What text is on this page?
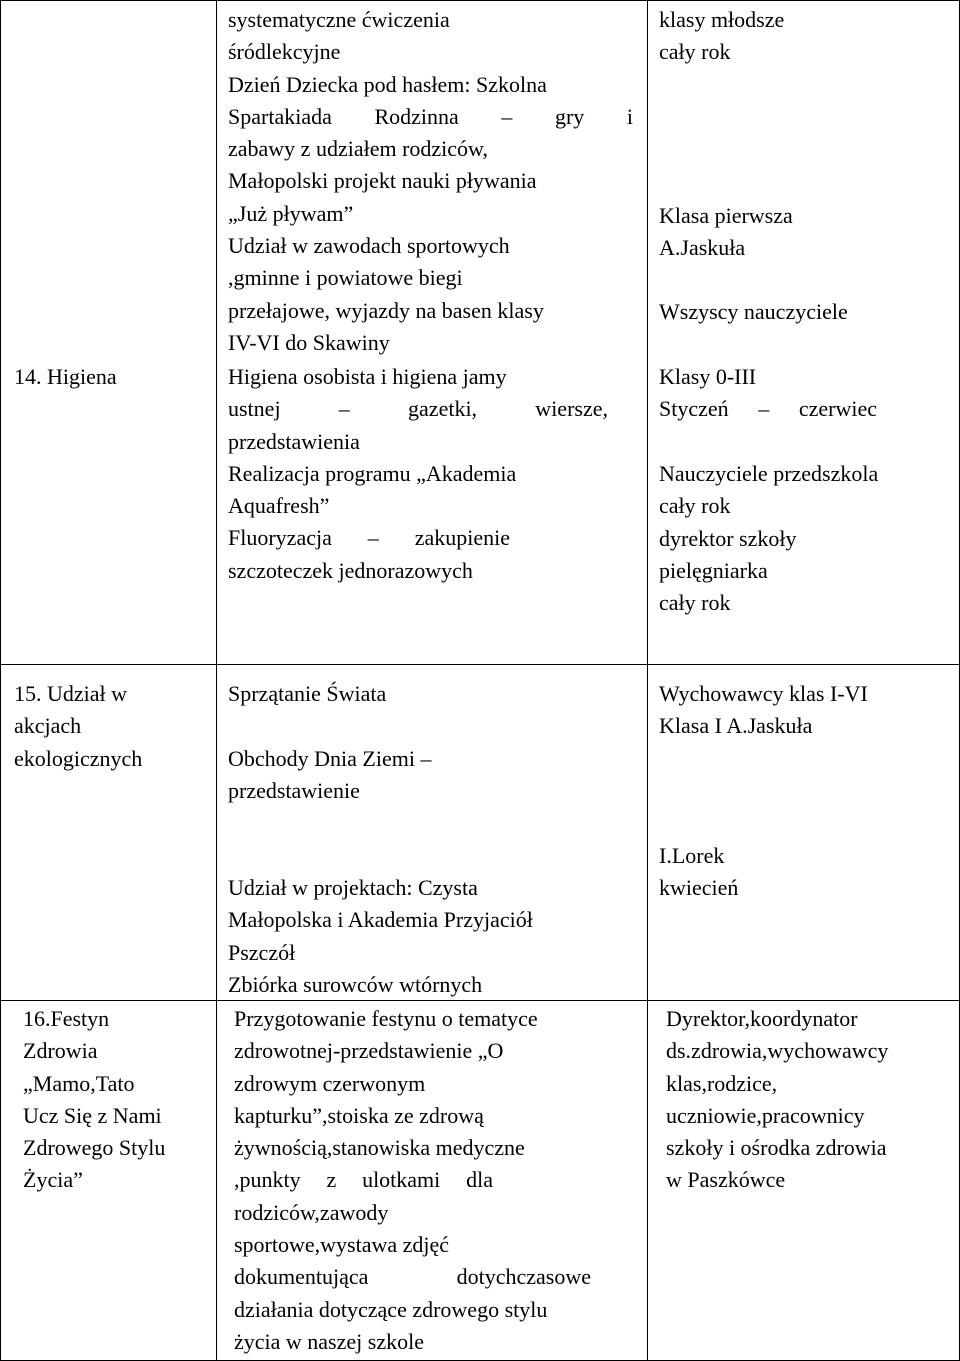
systematyczne ćwiczenia
śródlekcyjne
Dzień Dziecka pod hasłem: Szkolna
Spartakiada Rodzinna – gry i
zabawy z udziałem rodziców,
Małopolski projekt nauki pływania
„Już pływam”
Udział w zawodach sportowych
,gminne i powiatowe biegi
przełajowe, wyjazdy na basen klasy
IV-VI do Skawiny
klasy młodsze
cały rok
Klasa pierwsza
A.Jaskuła
Wszyscy nauczyciele
14. Higiena	Higiena osobista i higiena jamy
ustnej – gazetki, wiersze,
przedstawienia
Realizacja programu „Akademia
Aquafresh”
Fluoryzacja – zakupienie
szczoteczek jednorazowych
Klasy 0-III
Styczeń – czerwiec
Nauczyciele przedszkola
cały rok
dyrektor szkoły
pielęgniarka
cały rok
15. Udział w
akcjach
ekologicznych
Sprzątanie Świata
Obchody Dnia Ziemi –
przedstawienie
Udział w projektach: Czysta
Małopolska i Akademia Przyjaciół
Pszczół
Zbiórka surowców wtórnych
Wychowawcy klas I-VI
Klasa I A.Jaskuła
I.Lorek
kwiecień
16.Festyn
Zdrowia
„Mamo,Tato
Ucz Się z Nami
Zdrowego Stylu
Życia”
Przygotowanie festynu o tematyce
zdrowotnej-przedstawienie „O
zdrowym czerwonym
kapturku”,stoiska ze zdrową
żywnością,stanowiska medyczne
,punkty z ulotkami dla
rodziców,zawody
sportowe,wystawa zdjęć
dokumentująca dotychczasowe
działania dotyczące zdrowego stylu
życia w naszej szkole
Dyrektor,koordynator
ds.zdrowia,wychowawcy
klas,rodzice,
uczniowie,pracownicy
szkoły i ośrodka zdrowia
w Paszkówce
